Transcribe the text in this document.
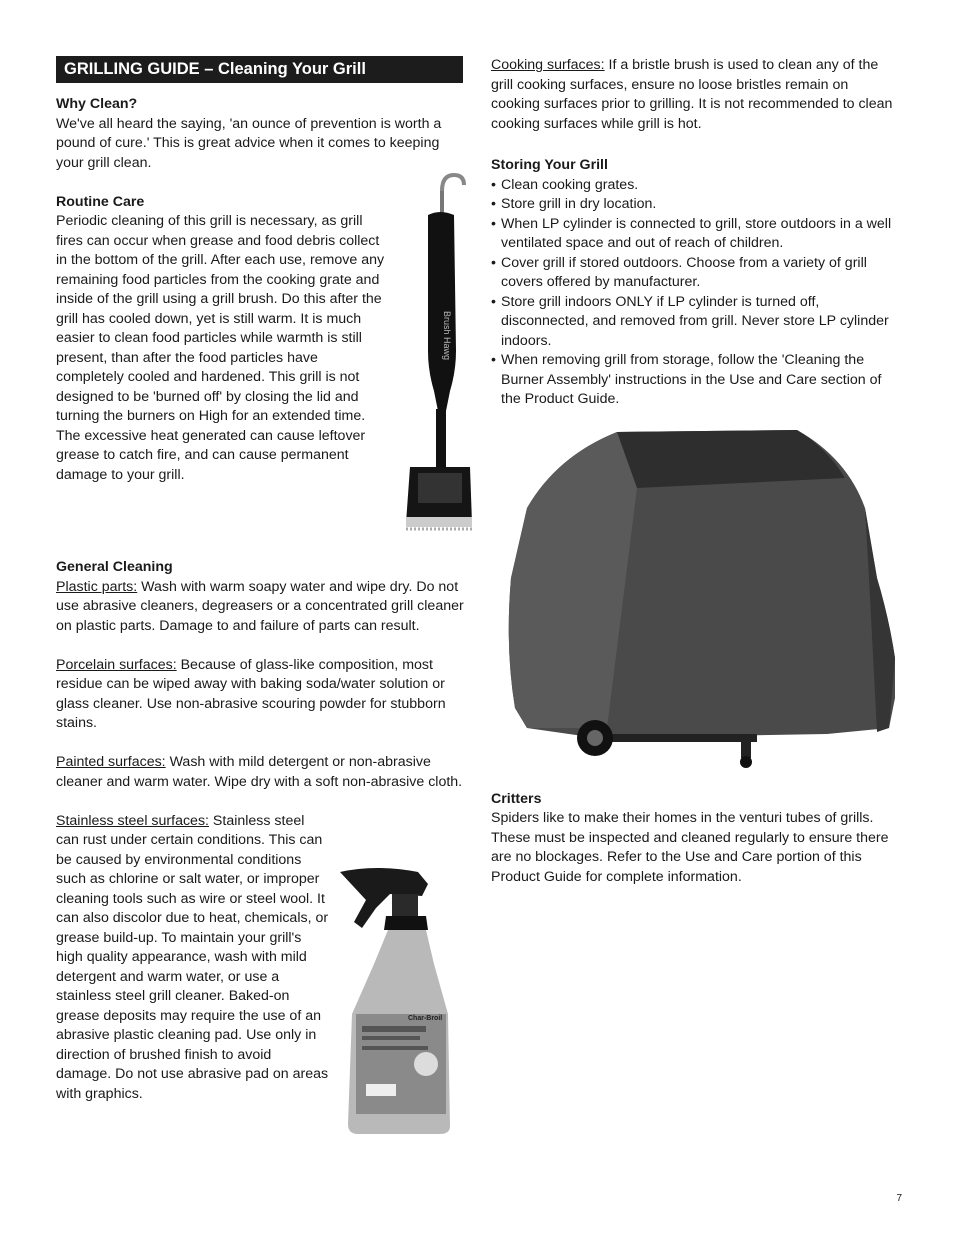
GRILLING GUIDE – Cleaning Your Grill
Why Clean?

We've all heard the saying, 'an ounce of prevention is worth a pound of cure.' This is great advice when it comes to keeping your grill clean.

Brush Hawg
Routine Care

Periodic cleaning of this grill is necessary, as grill fires can occur when grease and food debris collect in the bottom of the grill. After each use, remove any remaining food particles from the cooking grate and inside of the grill using a grill brush. Do this after the grill has cooled down, yet is still warm. It is much easier to clean food particles while warmth is still present, than after the food particles have completely cooled and hardened. This grill is not designed to be 'burned off' by closing the lid and turning the burners on High for an extended time. The excessive heat generated can cause leftover grease to catch fire, and can cause permanent damage to your grill.

General Cleaning

Plastic parts: Wash with warm soapy water and wipe dry. Do not use abrasive cleaners, degreasers or a concentrated grill cleaner on plastic parts. Damage to and failure of parts can result.

Porcelain surfaces: Because of glass-like composition, most residue can be wiped away with baking soda/water solution or glass cleaner. Use non-abrasive scouring powder for stubborn stains.

Painted surfaces: Wash with mild detergent or non-abrasive cleaner and warm water. Wipe dry with a soft non-abrasive cloth.

Char-Broil

Stainless steel surfaces: Stainless steel can rust under certain conditions. This can be caused by environmental conditions such as chlorine or salt water, or improper cleaning tools such as wire or steel wool. It can also discolor due to heat, chemicals, or grease build-up. To maintain your grill's high quality appearance, wash with mild detergent and warm water, or use a stainless steel grill cleaner. Baked-on grease deposits may require the use of an abrasive plastic cleaning pad. Use only in direction of brushed finish to avoid damage. Do not use abrasive pad on areas with graphics.

Cooking surfaces: If a bristle brush is used to clean any of the grill cooking surfaces, ensure no loose bristles remain on cooking surfaces prior to grilling. It is not recommended to clean cooking surfaces while grill is hot.

Storing Your Grill
• Clean cooking grates.
• Store grill in dry location.
• When LP cylinder is connected to grill, store outdoors in a well ventilated space and out of reach of children.
• Cover grill if stored outdoors. Choose from a variety of grill covers offered by manufacturer.
• Store grill indoors ONLY if LP cylinder is turned off, disconnected, and removed from grill. Never store LP cylinder indoors.
• When removing grill from storage, follow the 'Cleaning the Burner Assembly' instructions in the Use and Care section of the Product Guide.
Critters

Spiders like to make their homes in the venturi tubes of grills. These must be inspected and cleaned regularly to ensure there are no blockages. Refer to the Use and Care portion of this Product Guide for complete information.

7
